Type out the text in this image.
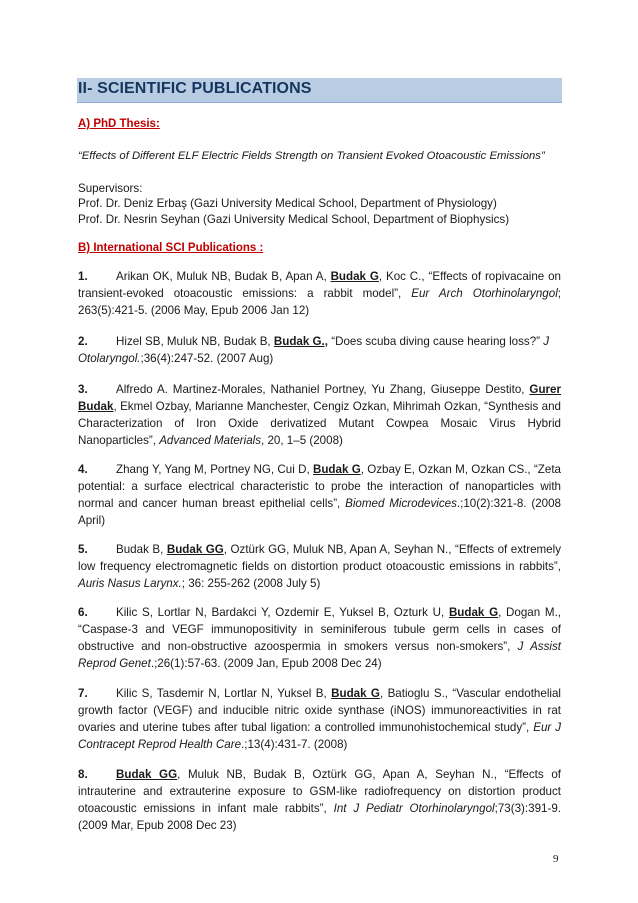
II- SCIENTIFIC PUBLICATIONS
A) PhD Thesis:
“Effects of Different ELF Electric Fields Strength on Transient Evoked Otoacoustic Emissions”
Supervisors:
Prof. Dr. Deniz Erbaş (Gazi University Medical School, Department of Physiology)
Prof. Dr. Nesrin Seyhan (Gazi University Medical School, Department of Biophysics)
B) International SCI Publications :
1. Arikan OK, Muluk NB, Budak B, Apan A, Budak G, Koc C., “Effects of ropivacaine on transient-evoked otoacoustic emissions: a rabbit model”, Eur Arch Otorhinolaryngol; 263(5):421-5. (2006 May, Epub 2006 Jan 12)
2. Hizel SB, Muluk NB, Budak B, Budak G., “Does scuba diving cause hearing loss?” J Otolaryngol.;36(4):247-52. (2007 Aug)
3. Alfredo A. Martinez-Morales, Nathaniel Portney, Yu Zhang, Giuseppe Destito, Gurer Budak, Ekmel Ozbay, Marianne Manchester, Cengiz Ozkan, Mihrimah Ozkan, “Synthesis and Characterization of Iron Oxide derivatized Mutant Cowpea Mosaic Virus Hybrid Nanoparticles”, Advanced Materials, 20, 1–5 (2008)
4. Zhang Y, Yang M, Portney NG, Cui D, Budak G, Ozbay E, Ozkan M, Ozkan CS., “Zeta potential: a surface electrical characteristic to probe the interaction of nanoparticles with normal and cancer human breast epithelial cells”, Biomed Microdevices.;10(2):321-8. (2008 April)
5. Budak B, Budak GG, Oztürk GG, Muluk NB, Apan A, Seyhan N., “Effects of extremely low frequency electromagnetic fields on distortion product otoacoustic emissions in rabbits”, Auris Nasus Larynx.; 36: 255-262 (2008 July 5)
6. Kilic S, Lortlar N, Bardakci Y, Ozdemir E, Yuksel B, Ozturk U, Budak G, Dogan M., “Caspase-3 and VEGF immunopositivity in seminiferous tubule germ cells in cases of obstructive and non-obstructive azoospermia in smokers versus non-smokers”, J Assist Reprod Genet.;26(1):57-63. (2009 Jan, Epub 2008 Dec 24)
7. Kilic S, Tasdemir N, Lortlar N, Yuksel B, Budak G, Batioglu S., “Vascular endothelial growth factor (VEGF) and inducible nitric oxide synthase (iNOS) immunoreactivities in rat ovaries and uterine tubes after tubal ligation: a controlled immunohistochemical study”, Eur J Contracept Reprod Health Care.;13(4):431-7. (2008)
8. Budak GG, Muluk NB, Budak B, Oztürk GG, Apan A, Seyhan N., “Effects of intrauterine and extrauterine exposure to GSM-like radiofrequency on distortion product otoacoustic emissions in infant male rabbits”, Int J Pediatr Otorhinolaryngol;73(3):391-9. (2009 Mar, Epub 2008 Dec 23)
9
